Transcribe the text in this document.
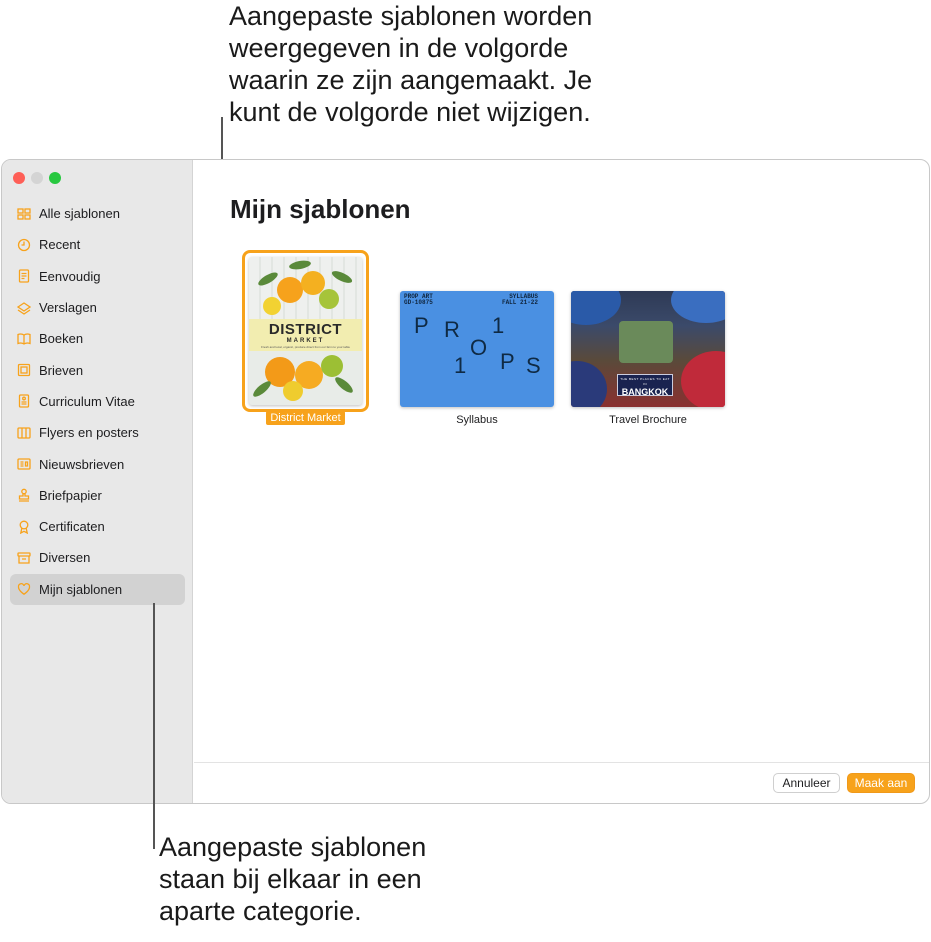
Aangepaste sjablonen worden
weergegeven in de volgorde
waarin ze zijn aangemaakt. Je
kunt de volgorde niet wijzigen.
Alle sjablonen
Recent
Eenvoudig
Verslagen
Boeken
Brieven
Curriculum Vitae
Flyers en posters
Nieuwsbrieven
Briefpapier
Certificaten
Diversen
Mijn sjablonen
Mijn sjablonen
DISTRICT
MARKET
Fresh and local, organic, produce direct from our farm to your table
District Market
PROP ART
GD-10875
SYLLABUS
FALL 21-22
P R 1
O
1 P S
Syllabus
THE BEST PLACES TO EAT IN
BANGKOK
Travel Brochure
Annuleer	Maak aan
Aangepaste sjablonen
staan bij elkaar in een
aparte categorie.
